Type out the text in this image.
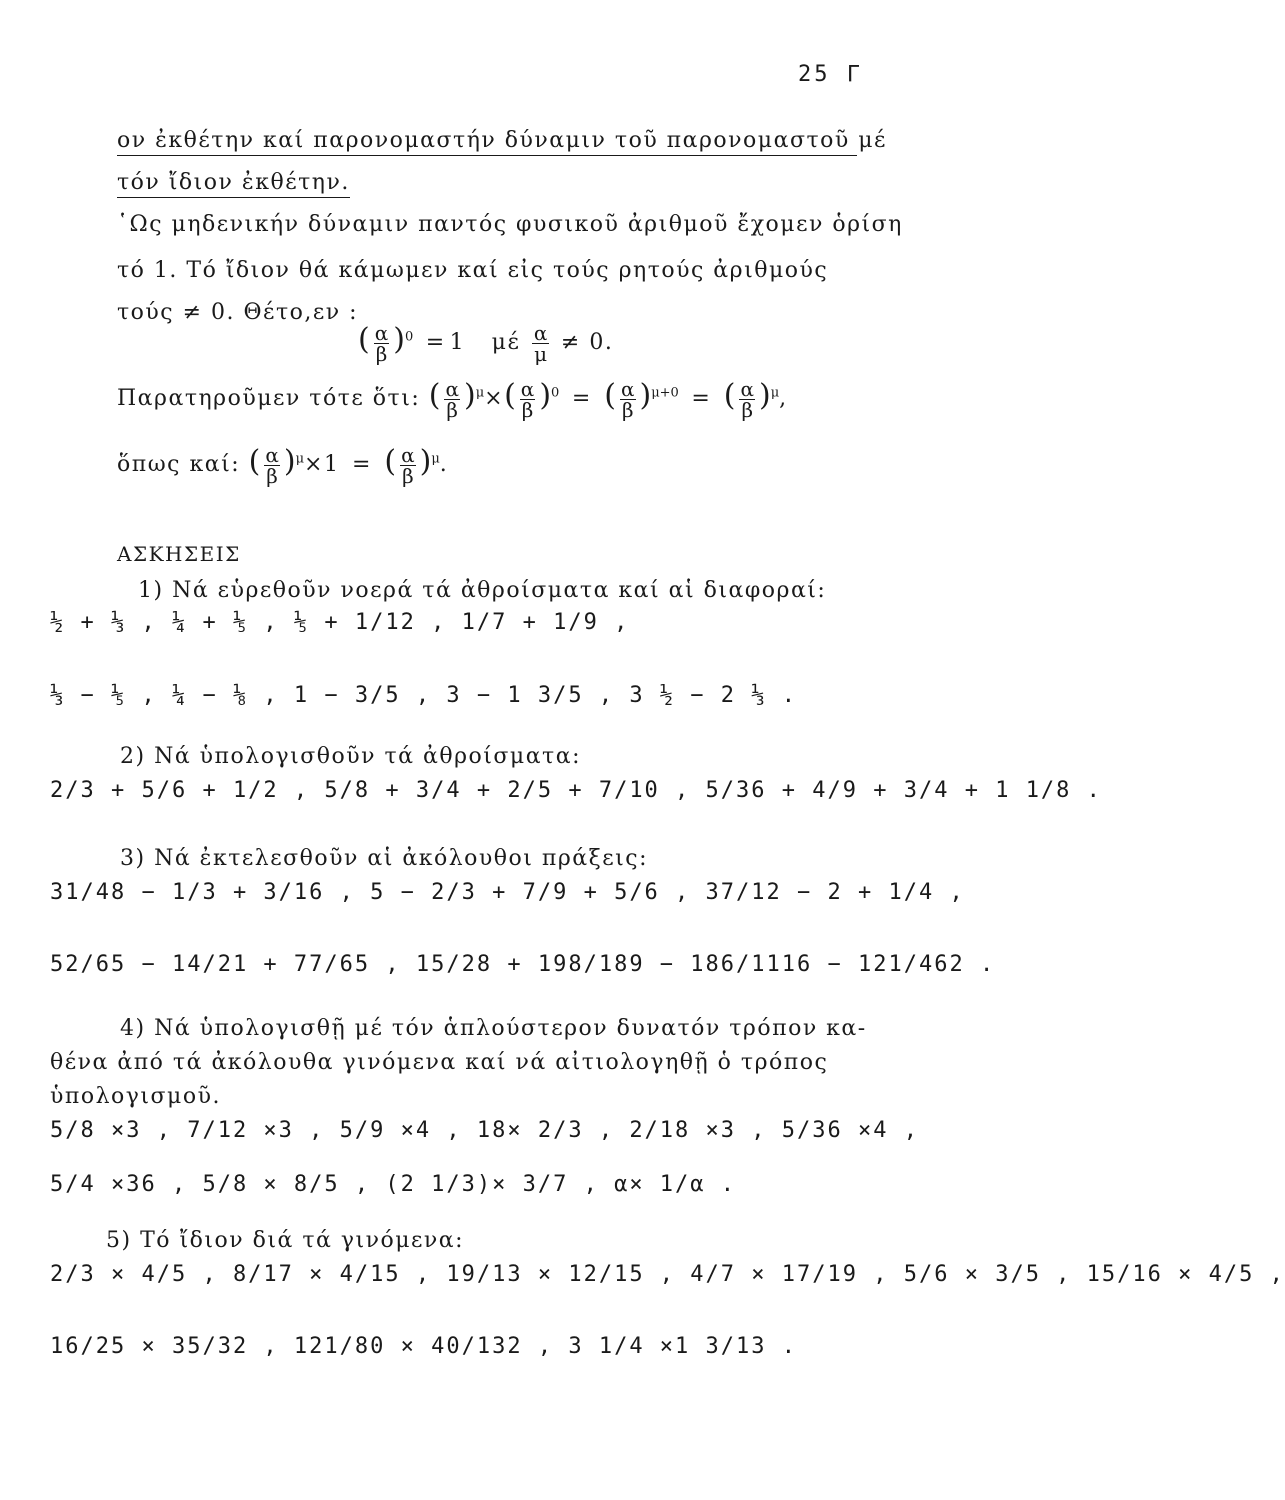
25 Γ
ον ἐκθέτην καί παρονομαστήν δύναμιν τοῦ παρονομαστοῦ μέ
τόν ἴδιον ἐκθέτην.
῾Ως μηδενικήν δύναμιν παντός φυσικοῦ ἀριθμοῦ ἔχομεν ὁρίση
τό 1. Τό ἴδιον θά κάμωμεν καί εἰς τούς ρητούς ἀριθμούς
τούς ≠ 0. Θέτο,εν :
( $\frac{\alpha}{\beta} )^0 = 1$ μέ $\frac{\alpha}{\mu} \ne 0$.
Παρατηροῦμεν τότε ὅτι: ( $\frac{\alpha}{\beta} )^\mu\times( \frac{\alpha}{\beta} )^0$ = ( $\frac{\alpha}{\beta} )^{\mu+0}$ = ( $\frac{\alpha}{\beta} )^\mu$,
ὅπως καί: ( $\frac{\alpha}{\beta} )^\mu\times 1$ = ( $\frac{\alpha}{\beta} )^\mu$.
ΑΣΚΗΣΕΙΣ
1) Νά εὑρεθοῦν νοερά τά ἀθροίσματα καί αἱ διαφοραί:
½ + ⅓ , ¼ + ⅕ , ⅕ + 1/12 , 1/7 + 1/9 ,
⅓ − ⅕ , ¼ − ⅛ , 1 − 3/5 , 3 − 1 3/5 , 3 ½ − 2 ⅓ .
2) Νά ὑπολογισθοῦν τά ἀθροίσματα:
2/3 + 5/6 + 1/2 , 5/8 + 3/4 + 2/5 + 7/10 , 5/36 + 4/9 + 3/4 + 1 1/8 .
3) Νά ἐκτελεσθοῦν αἱ ἀκόλουθοι πράξεις:
31/48 − 1/3 + 3/16 , 5 − 2/3 + 7/9 + 5/6 , 37/12 − 2 + 1/4 ,
52/65 − 14/21 + 77/65 , 15/28 + 198/189 − 186/1116 − 121/462 .
4) Νά ὑπολογισθῇ μέ τόν ἁπλούστερον δυνατόν τρόπον κα-
θένα ἀπό τά ἀκόλουθα γινόμενα καί νά αἰτιολογηθῇ ὁ τρόπος
ὑπολογισμοῦ.
5/8 ×3 , 7/12 ×3 , 5/9 ×4 , 18× 2/3 , 2/18 ×3 , 5/36 ×4 ,
5/4 ×36 , 5/8 × 8/5 , (2 1/3)× 3/7 , α× 1/α .
5) Τό ἴδιον διά τά γινόμενα:
2/3 × 4/5 , 8/17 × 4/15 , 19/13 × 12/15 , 4/7 × 17/19 , 5/6 × 3/5 , 15/16 × 4/5 ,
16/25 × 35/32 , 121/80 × 40/132 , 3 1/4 ×1 3/13 .
